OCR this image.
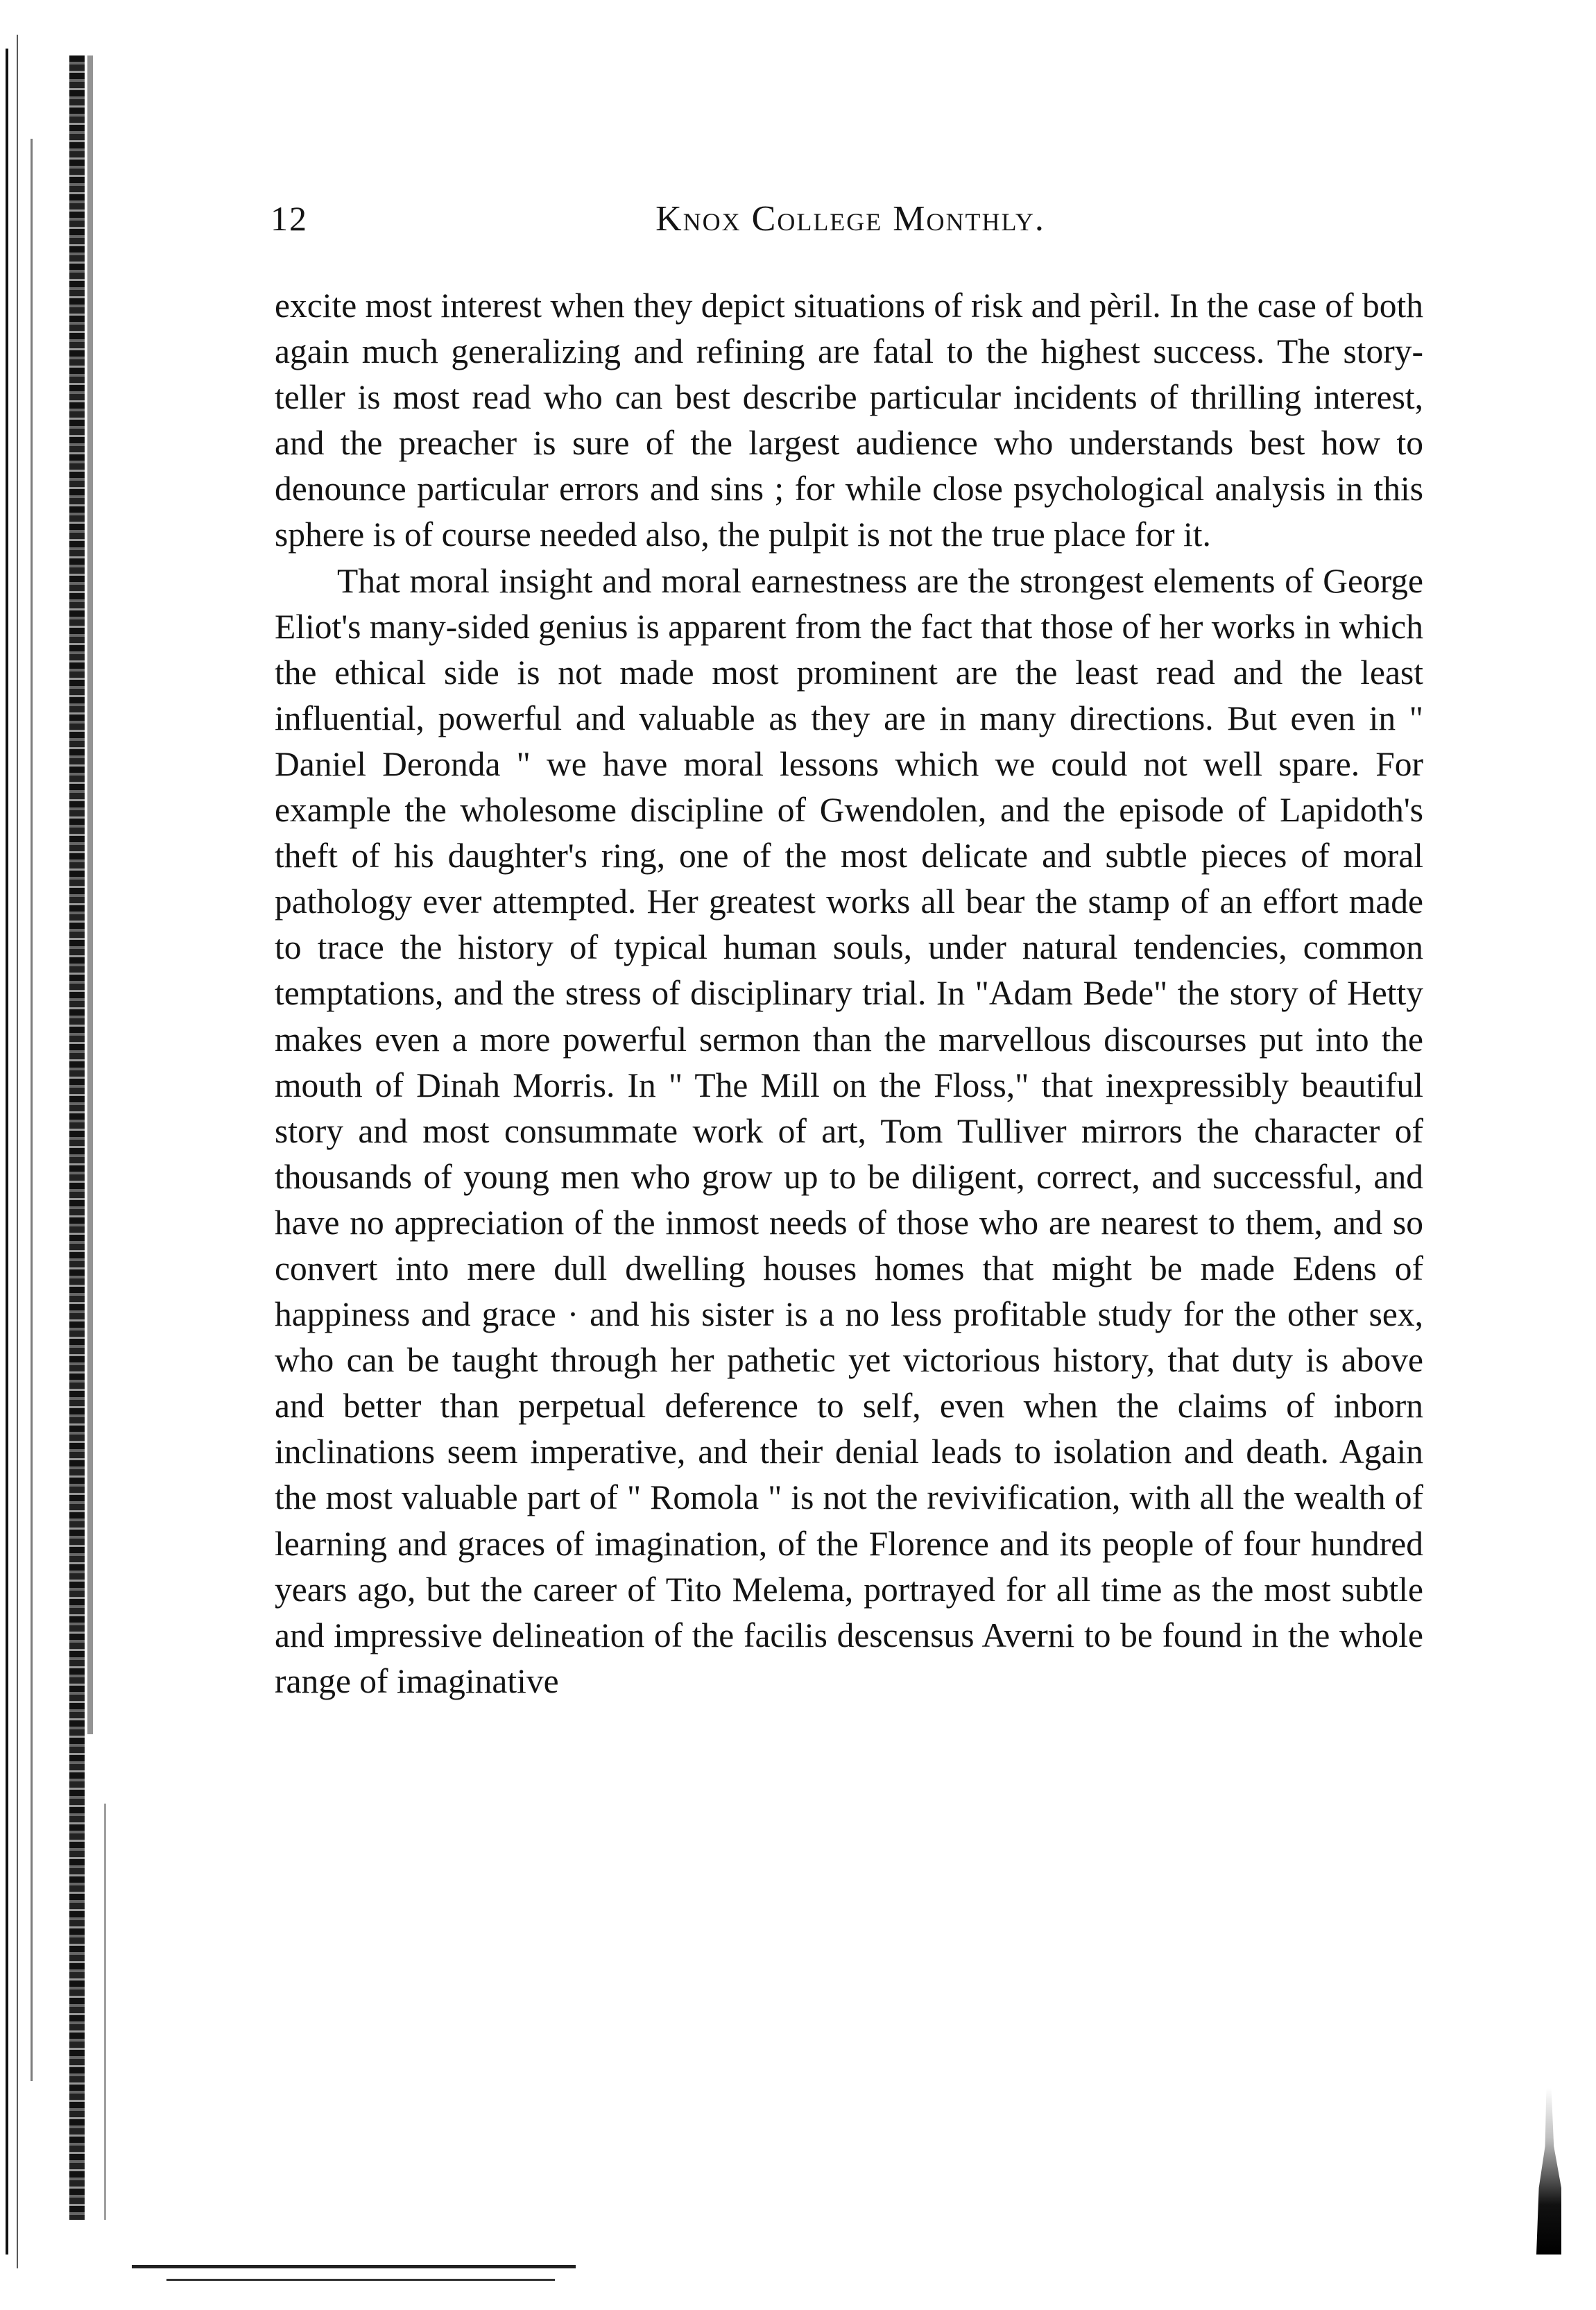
12	Knox College Monthly.

excite most interest when they depict situations of risk and pèril. In the case of both again much generalizing and refining are fatal to the highest success. The story-teller is most read who can best describe particular incidents of thrilling interest, and the preacher is sure of the largest audience who understands best how to denounce particular errors and sins ; for while close psychological analysis in this sphere is of course needed also, the pulpit is not the true place for it.

That moral insight and moral earnestness are the strongest elements of George Eliot's many-sided genius is apparent from the fact that those of her works in which the ethical side is not made most prominent are the least read and the least influential, powerful and valuable as they are in many directions. But even in " Daniel Deronda " we have moral lessons which we could not well spare. For example the wholesome discipline of Gwendolen, and the episode of Lapidoth's theft of his daughter's ring, one of the most delicate and subtle pieces of moral pathology ever attempted. Her greatest works all bear the stamp of an effort made to trace the history of typical human souls, under natural tendencies, common temptations, and the stress of disciplinary trial. In "Adam Bede" the story of Hetty makes even a more powerful sermon than the marvellous discourses put into the mouth of Dinah Morris. In " The Mill on the Floss," that inexpressibly beautiful story and most consummate work of art, Tom Tulliver mirrors the character of thousands of young men who grow up to be diligent, correct, and successful, and have no appreciation of the inmost needs of those who are nearest to them, and so convert into mere dull dwelling houses homes that might be made Edens of happiness and grace · and his sister is a no less profitable study for the other sex, who can be taught through her pathetic yet victorious history, that duty is above and better than perpetual deference to self, even when the claims of inborn inclinations seem imperative, and their denial leads to isolation and death. Again the most valuable part of " Romola " is not the revivification, with all the wealth of learning and graces of imagination, of the Florence and its people of four hundred years ago, but the career of Tito Melema, portrayed for all time as the most subtle and impressive delineation of the facilis descensus Averni to be found in the whole range of imaginative
